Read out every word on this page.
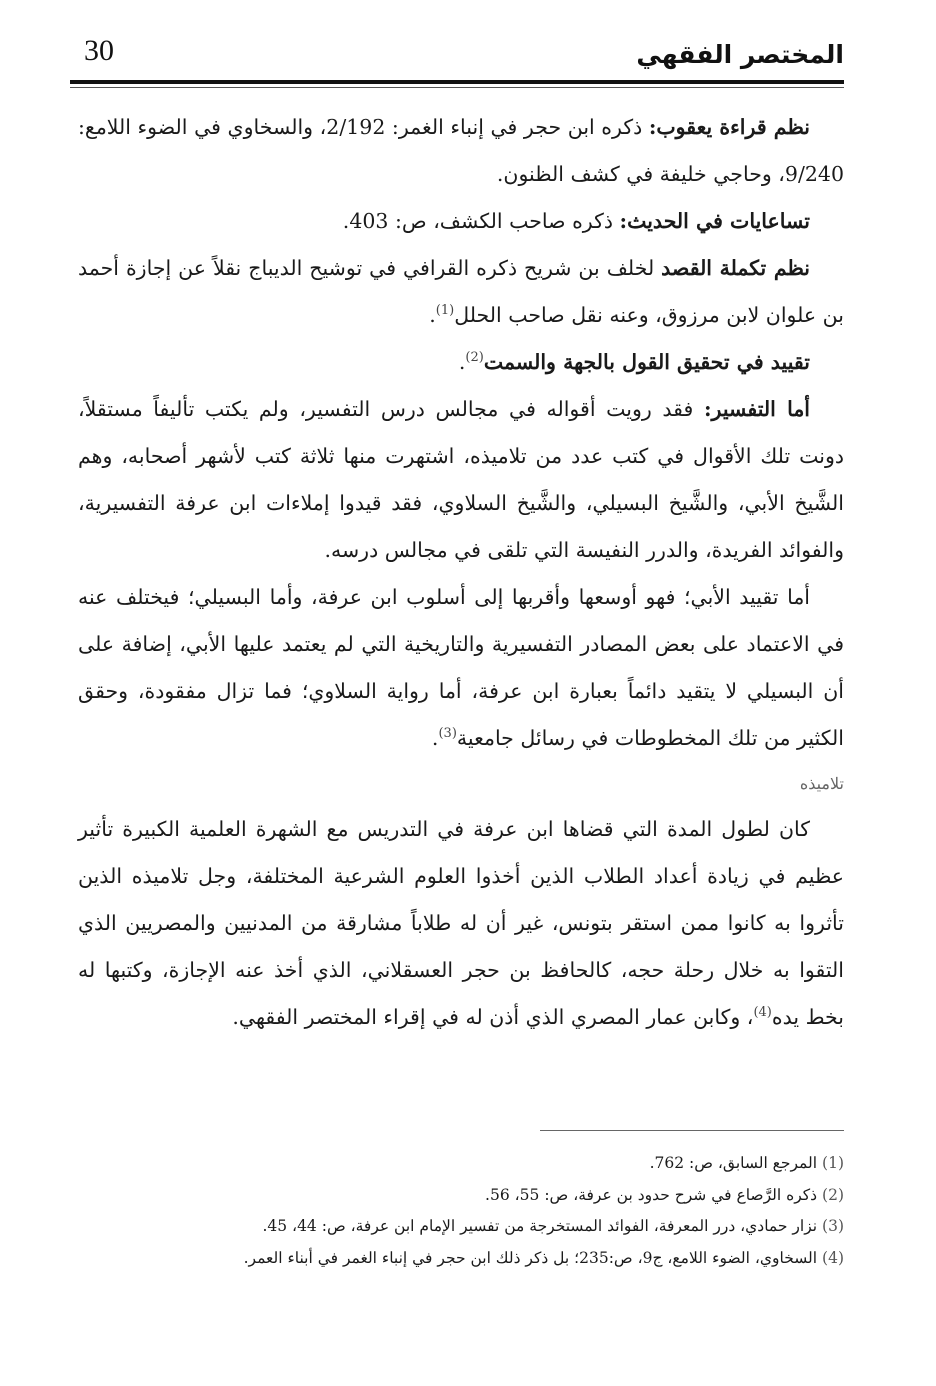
30	المختصر الفقهي

نظم قراءة يعقوب: ذكره ابن حجر في إنباء الغمر: 2/192، والسخاوي في الضوء اللامع: 9/240، وحاجي خليفة في كشف الظنون.

تساعايات في الحديث: ذكره صاحب الكشف، ص: 403.

نظم تكملة القصد لخلف بن شريح ذكره القرافي في توشيح الديباج نقلاً عن إجازة أحمد بن علوان لابن مرزوق، وعنه نقل صاحب الحلل$^{(1)}$.

تقييد في تحقيق القول بالجهة والسمت$^{(2)}$.

أما التفسير: فقد رويت أقواله في مجالس درس التفسير، ولم يكتب تأليفاً مستقلاً، دونت تلك الأقوال في كتب عدد من تلاميذه، اشتهرت منها ثلاثة كتب لأشهر أصحابه، وهم الشَّيخ الأبي، والشَّيخ البسيلي، والشَّيخ السلاوي، فقد قيدوا إملاءات ابن عرفة التفسيرية، والفوائد الفريدة، والدرر النفيسة التي تلقى في مجالس درسه.

أما تقييد الأبي؛ فهو أوسعها وأقربها إلى أسلوب ابن عرفة، وأما البسيلي؛ فيختلف عنه في الاعتماد على بعض المصادر التفسيرية والتاريخية التي لم يعتمد عليها الأبي، إضافة على أن البسيلي لا يتقيد دائماً بعبارة ابن عرفة، أما رواية السلاوي؛ فما تزال مفقودة، وحقق الكثير من تلك المخطوطات في رسائل جامعية$^{(3)}$.

تلاميذه

كان لطول المدة التي قضاها ابن عرفة في التدريس مع الشهرة العلمية الكبيرة تأثير عظيم في زيادة أعداد الطلاب الذين أخذوا العلوم الشرعية المختلفة، وجل تلاميذه الذين تأثروا به كانوا ممن استقر بتونس، غير أن له طلاباً مشارقة من المدنيين والمصريين الذي التقوا به خلال رحلة حجه، كالحافظ بن حجر العسقلاني، الذي أخذ عنه الإجازة، وكتبها له بخط يده$^{(4)}$، وكابن عمار المصري الذي أذن له في إقراء المختصر الفقهي.

(1) المرجع السابق، ص: 762.
(2) ذكره الرَّصاع في شرح حدود بن عرفة، ص: 55، 56.
(3) نزار حمادي، درر المعرفة، الفوائد المستخرجة من تفسير الإمام ابن عرفة، ص: 44، 45.
(4) السخاوي، الضوء اللامع، ج9، ص:235؛ بل ذكر ذلك ابن حجر في إنباء الغمر في أبناء العمر.
